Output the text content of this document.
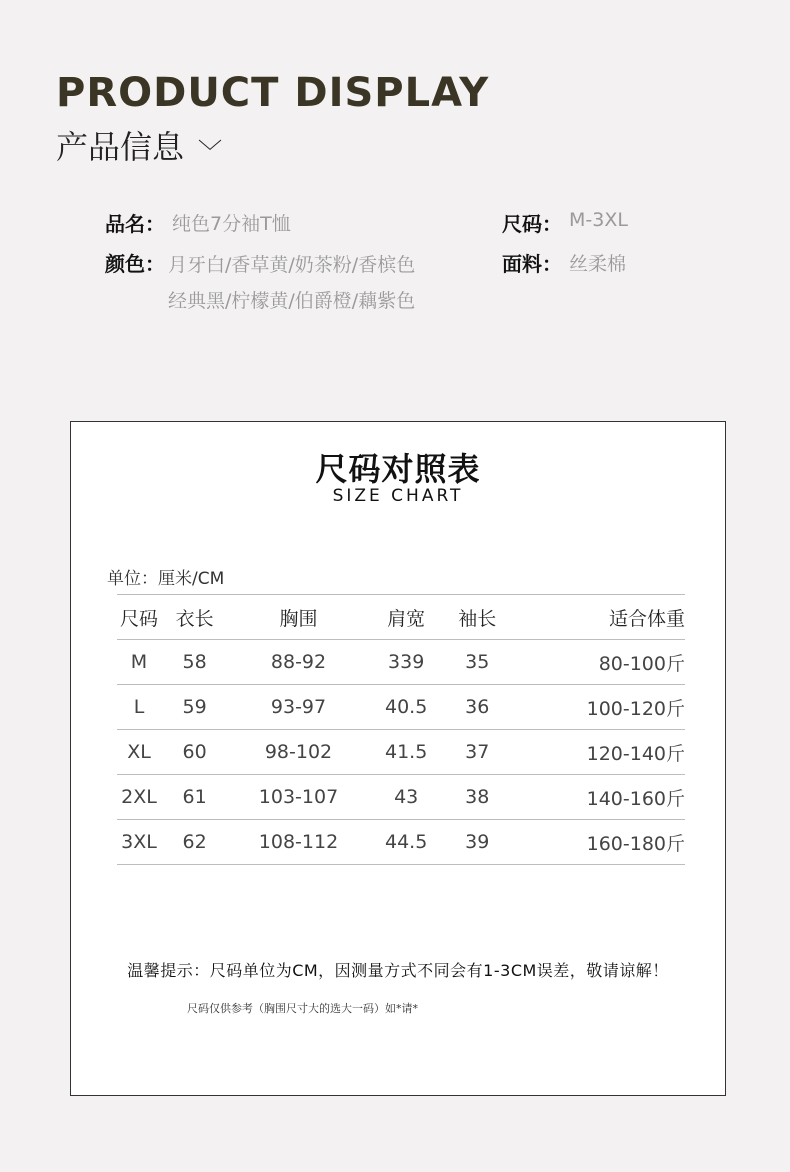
PRODUCT DISPLAY
产品信息 ﹀
品名： 纯色7分袖T恤	尺码： M-3XL
颜色： 月牙白/香草黄/奶茶粉/香槟色
经典黑/柠檬黄/伯爵橙/藕紫色
面料： 丝柔棉
尺码对照表
SIZE CHART
单位：厘米/CM
尺码	衣长	胸围	肩宽	袖长	适合体重
M	58	88-92	339	35	80-100斤
L	59	93-97	40.5	36	100-120斤
XL	60	98-102	41.5	37	120-140斤
2XL	61	103-107	43	38	140-160斤
3XL	62	108-112	44.5	39	160-180斤
温馨提示：尺码单位为CM，因测量方式不同会有1-3CM误差，敬请谅解！
尺码仅供参考（胸围尺寸大的选大一码）如*请*
